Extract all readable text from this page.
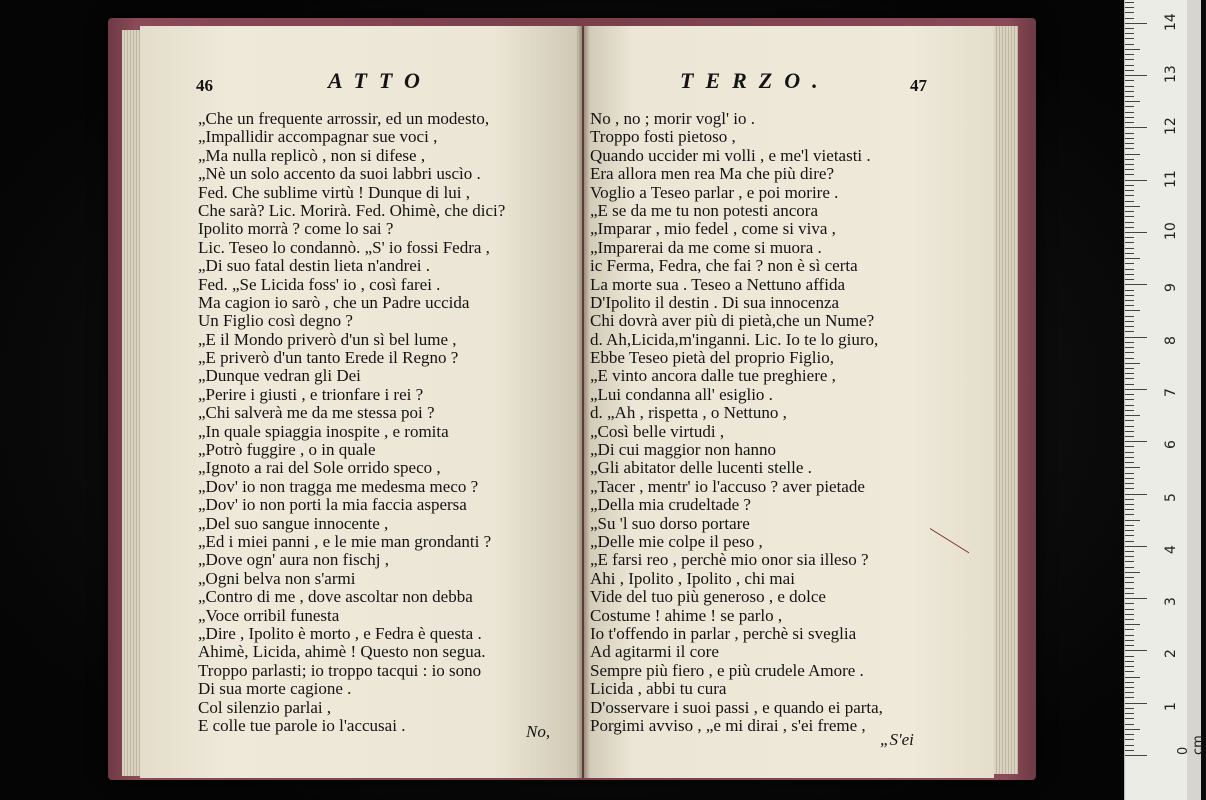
46	ATTO
„Che un frequente arrossir, ed un modesto,
„Impallidir accompagnar sue voci ,
„Ma nulla replicò , non si difese ,
„Nè un solo accento da suoi labbri uscìo .
Fed. Che sublime virtù ! Dunque di lui ,
Che sarà? Lic. Morirà. Fed. Ohimè, che dici?
Ipolito morrà ? come lo sai ?
Lic. Teseo lo condannò. „S' io fossi Fedra ,
„Di suo fatal destin lieta n'andrei .
Fed. „Se Licida foss' io , così farei .
Ma cagion io sarò , che un Padre uccida
Un Figlio così degno ?
„E il Mondo priverò d'un sì bel lume ,
„E priverò d'un tanto Erede il Regno ?
„Dunque vedran gli Dei
„Perire i giusti , e trionfare i rei ?
„Chi salverà me da me stessa poi ?
„In quale spiaggia inospite , e romita
„Potrò fuggire , o in quale
„Ignoto a rai del Sole orrido speco ,
„Dov' io non tragga me medesma meco ?
„Dov' io non porti la mia faccia aspersa
„Del suo sangue innocente ,
„Ed i miei panni , e le mie man grondanti ?
„Dove ogn' aura non fischj ,
„Ogni belva non s'armi
„Contro di me , dove ascoltar non debba
„Voce orribil funesta
„Dire , Ipolito è morto , e Fedra è questa .
Ahimè, Licida, ahimè ! Questo non segua.
Troppo parlasti; io troppo tacqui : io sono
Di sua morte cagione .
Col silenzio parlai ,
E colle tue parole io l'accusai .	No,
TERZO.	47
No , no ; morir vogl' io .
Troppo fosti pietoso ,
Quando uccider mi volli , e me'l vietasti .
Era allora men rea Ma che più dire?
Voglio a Teseo parlar , e poi morire .
„E se da me tu non potesti ancora
„Imparar , mio fedel , come si viva ,
„Imparerai da me come si muora .
ic Ferma, Fedra, che fai ? non è sì certa
La morte sua . Teseo a Nettuno affida
D'Ipolito il destin . Di sua innocenza
Chi dovrà aver più di pietà,che un Nume?
d. Ah,Licida,m'inganni. Lic. Io te lo giuro,
Ebbe Teseo pietà del proprio Figlio,
„E vinto ancora dalle tue preghiere ,
„Lui condanna all' esiglio .
d. „Ah , rispetta , o Nettuno ,
„Così belle virtudi ,
„Di cui maggior non hanno
„Gli abitator delle lucenti stelle .
„Tacer , mentr' io l'accuso ? aver pietade
„Della mia crudeltade ?
„Su 'l suo dorso portare
„Delle mie colpe il peso ,
„E farsi reo , perchè mio onor sia illeso ?
Ahi , Ipolito , Ipolito , chi mai
Vide del tuo più generoso , e dolce
Costume ! ahime ! se parlo ,
Io t'offendo in parlar , perchè si sveglia
Ad agitarmi il core
Sempre più fiero , e più crudele Amore .
Licida , abbi tu cura
D'osservare i suoi passi , e quando ei parta,
Porgimi avviso , „e mi dirai , s'ei freme ,
„S'ei
1
2
3
4
5
6
7
8
9
10
11
12
13
14
0 cm
